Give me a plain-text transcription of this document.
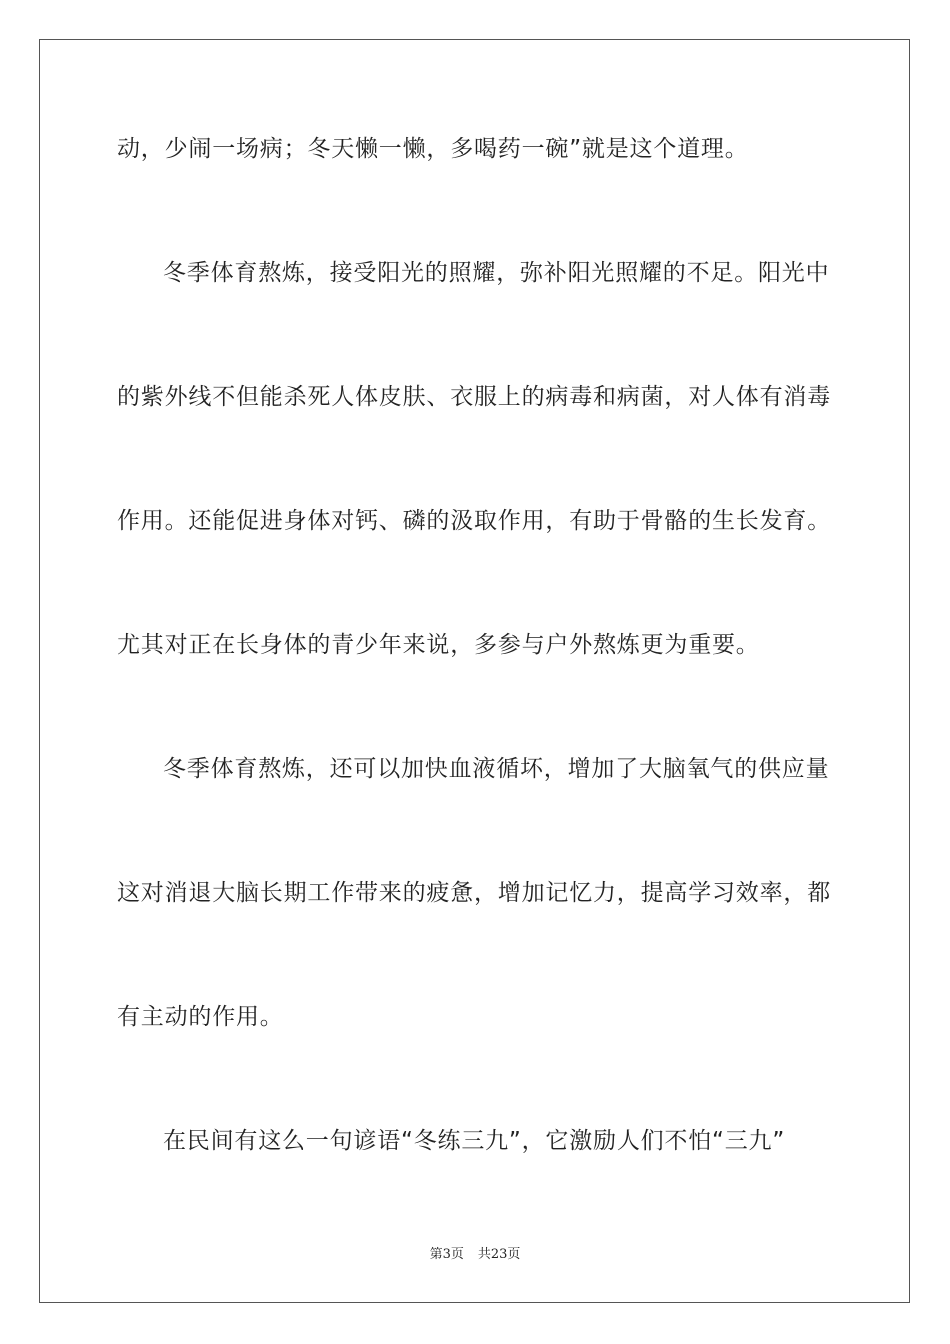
动，少闹一场病；冬天懒一懒，多喝药一碗”就是这个道理。
冬季体育熬炼，接受阳光的照耀，弥补阳光照耀的不足。阳光中
的紫外线不但能杀死人体皮肤、衣服上的病毒和病菌，对人体有消毒
作用。还能促进身体对钙、磷的汲取作用，有助于骨骼的生长发育。
尤其对正在长身体的青少年来说，多参与户外熬炼更为重要。
冬季体育熬炼，还可以加快血液循坏，增加了大脑氧气的供应量
这对消退大脑长期工作带来的疲惫，增加记忆力，提高学习效率，都
有主动的作用。
在民间有这么一句谚语“冬练三九”，它激励人们不怕“三九”
第3页 共23页
